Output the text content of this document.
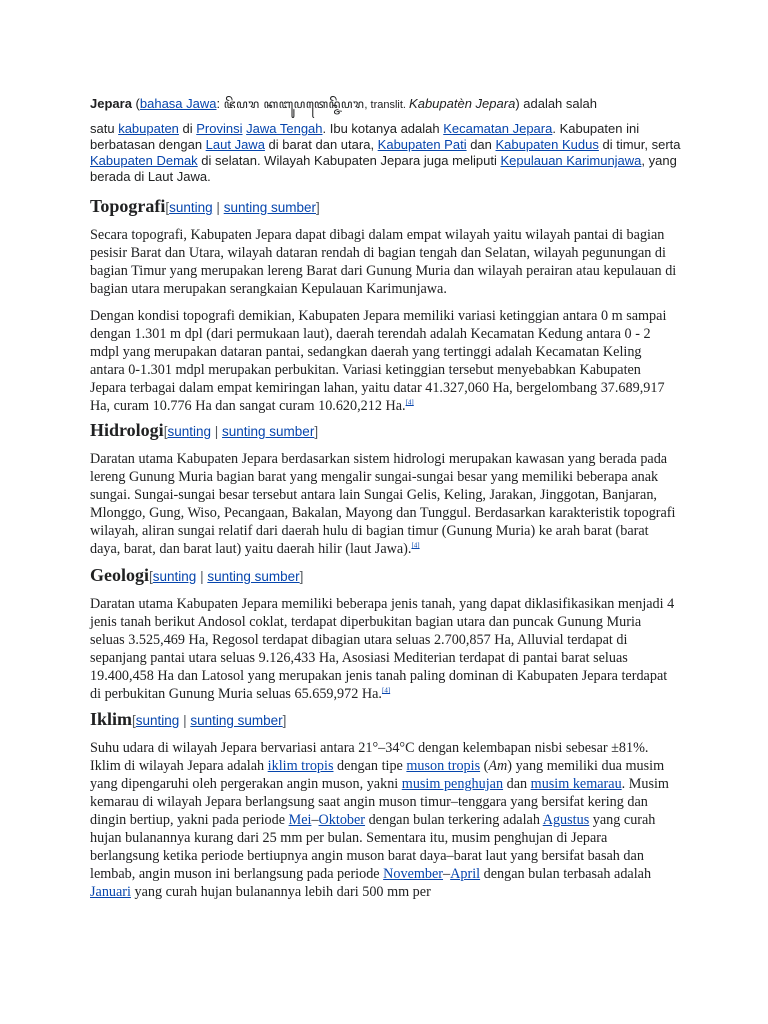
Jepara (bahasa Jawa: ꦗꦼꦥꦫ ꦏꦧꦸꦥꦠꦺꦤ꧀ꦗꦼꦥꦫ, translit. Kabupatèn Jepara) adalah salah

satu kabupaten di Provinsi Jawa Tengah. Ibu kotanya adalah Kecamatan Jepara. Kabupaten ini berbatasan dengan Laut Jawa di barat dan utara, Kabupaten Pati dan Kabupaten Kudus di timur, serta Kabupaten Demak di selatan. Wilayah Kabupaten Jepara juga meliputi Kepulauan Karimunjawa, yang berada di Laut Jawa.

Topografi[sunting | sunting sumber]

Secara topografi, Kabupaten Jepara dapat dibagi dalam empat wilayah yaitu wilayah pantai di bagian pesisir Barat dan Utara, wilayah dataran rendah di bagian tengah dan Selatan, wilayah pegunungan di bagian Timur yang merupakan lereng Barat dari Gunung Muria dan wilayah perairan atau kepulauan di bagian utara merupakan serangkaian Kepulauan Karimunjawa.

Dengan kondisi topografi demikian, Kabupaten Jepara memiliki variasi ketinggian antara 0 m sampai dengan 1.301 m dpl (dari permukaan laut), daerah terendah adalah Kecamatan Kedung antara 0 - 2 mdpl yang merupakan dataran pantai, sedangkan daerah yang tertinggi adalah Kecamatan Keling antara 0-1.301 mdpl merupakan perbukitan. Variasi ketinggian tersebut menyebabkan Kabupaten Jepara terbagai dalam empat kemiringan lahan, yaitu datar 41.327,060 Ha, bergelombang 37.689,917 Ha, curam 10.776 Ha dan sangat curam 10.620,212 Ha.[4]

Hidrologi[sunting | sunting sumber]

Daratan utama Kabupaten Jepara berdasarkan sistem hidrologi merupakan kawasan yang berada pada lereng Gunung Muria bagian barat yang mengalir sungai-sungai besar yang memiliki beberapa anak sungai. Sungai-sungai besar tersebut antara lain Sungai Gelis, Keling, Jarakan, Jinggotan, Banjaran, Mlonggo, Gung, Wiso, Pecangaan, Bakalan, Mayong dan Tunggul. Berdasarkan karakteristik topografi wilayah, aliran sungai relatif dari daerah hulu di bagian timur (Gunung Muria) ke arah barat (barat daya, barat, dan barat laut) yaitu daerah hilir (laut Jawa).[4]

Geologi[sunting | sunting sumber]

Daratan utama Kabupaten Jepara memiliki beberapa jenis tanah, yang dapat diklasifikasikan menjadi 4 jenis tanah berikut Andosol coklat, terdapat diperbukitan bagian utara dan puncak Gunung Muria seluas 3.525,469 Ha, Regosol terdapat dibagian utara seluas 2.700,857 Ha, Alluvial terdapat di sepanjang pantai utara seluas 9.126,433 Ha, Asosiasi Mediterian terdapat di pantai barat seluas 19.400,458 Ha dan Latosol yang merupakan jenis tanah paling dominan di Kabupaten Jepara terdapat di perbukitan Gunung Muria seluas 65.659,972 Ha.[4]

Iklim[sunting | sunting sumber]

Suhu udara di wilayah Jepara bervariasi antara 21°–34°C dengan kelembapan nisbi sebesar ±81%. Iklim di wilayah Jepara adalah iklim tropis dengan tipe muson tropis (Am) yang memiliki dua musim yang dipengaruhi oleh pergerakan angin muson, yakni musim penghujan dan musim kemarau. Musim kemarau di wilayah Jepara berlangsung saat angin muson timur–tenggara yang bersifat kering dan dingin bertiup, yakni pada periode Mei–Oktober dengan bulan terkering adalah Agustus yang curah hujan bulanannya kurang dari 25 mm per bulan. Sementara itu, musim penghujan di Jepara berlangsung ketika periode bertiupnya angin muson barat daya–barat laut yang bersifat basah dan lembab, angin muson ini berlangsung pada periode November–April dengan bulan terbasah adalah Januari yang curah hujan bulanannya lebih dari 500 mm per
